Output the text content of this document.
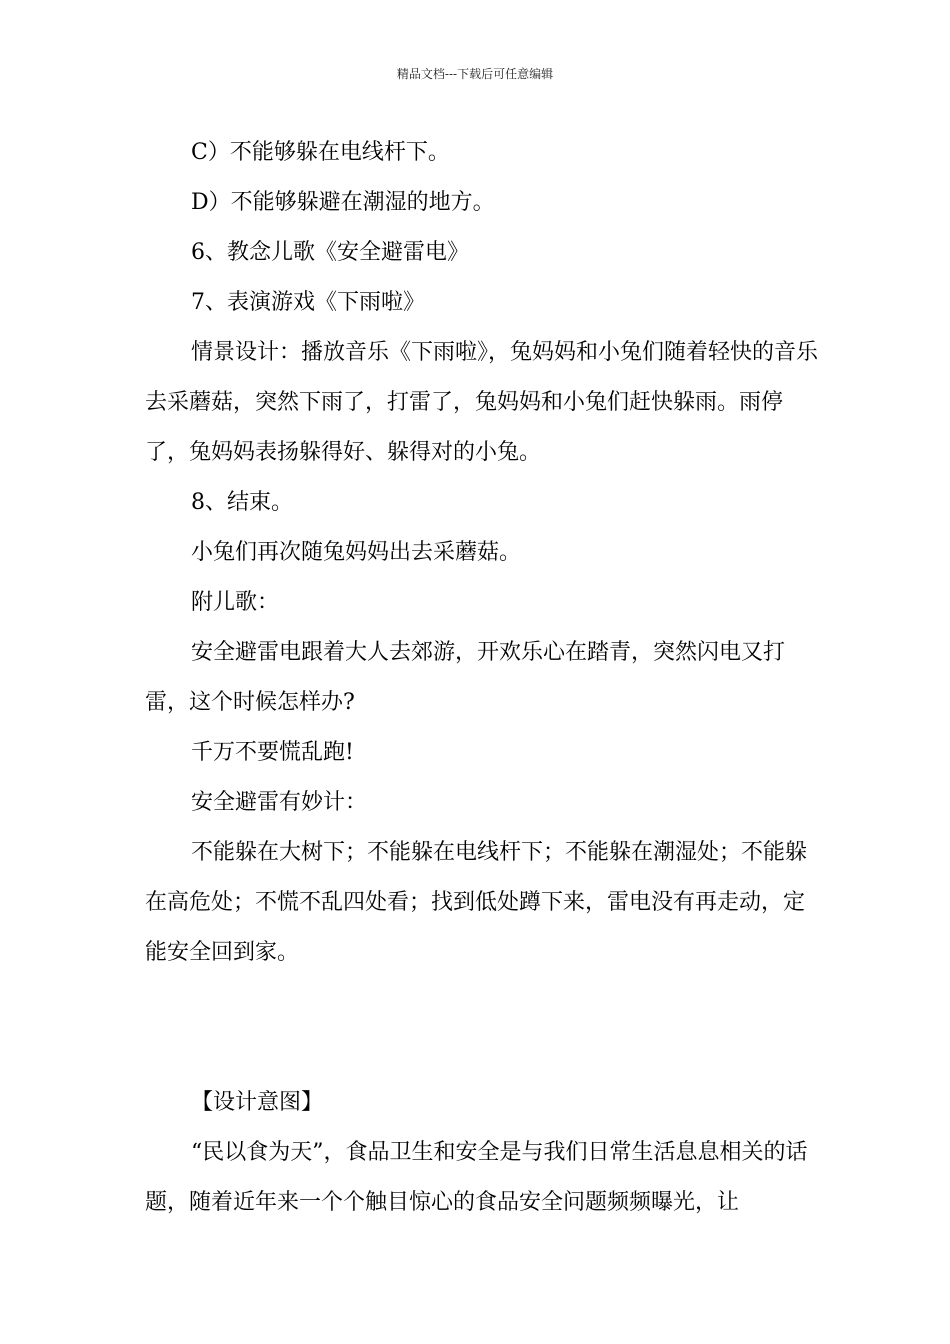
精品文档---下载后可任意编辑

C）不能够躲在电线杆下。

D）不能够躲避在潮湿的地方。

6、教念儿歌《安全避雷电》

7、表演游戏《下雨啦》

情景设计：播放音乐《下雨啦》，兔妈妈和小兔们随着轻快的音乐去采蘑菇，突然下雨了，打雷了，兔妈妈和小兔们赶快躲雨。雨停了，兔妈妈表扬躲得好、躲得对的小兔。

8、结束。

小兔们再次随兔妈妈出去采蘑菇。

附儿歌：

安全避雷电跟着大人去郊游，开欢乐心在踏青，突然闪电又打雷，这个时候怎样办?

千万不要慌乱跑!

安全避雷有妙计：

不能躲在大树下；不能躲在电线杆下；不能躲在潮湿处；不能躲在高危处；不慌不乱四处看；找到低处蹲下来，雷电没有再走动，定能安全回到家。

【设计意图】

“民以食为天”，食品卫生和安全是与我们日常生活息息相关的话题，随着近年来一个个触目惊心的食品安全问题频频曝光，让
